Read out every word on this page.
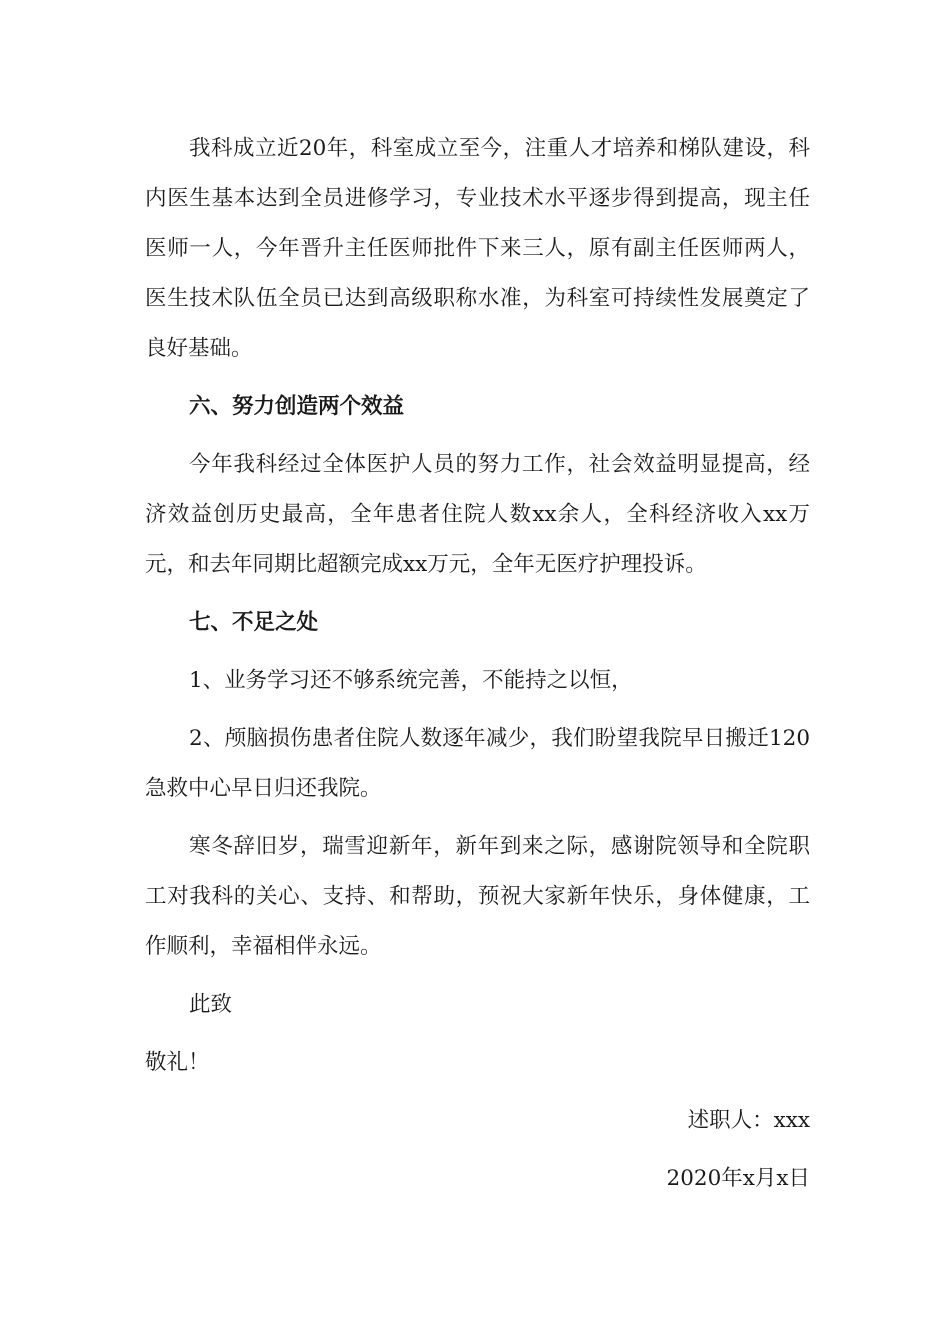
我科成立近20年，科室成立至今，注重人才培养和梯队建设，科内医生基本达到全员进修学习，专业技术水平逐步得到提高，现主任医师一人，今年晋升主任医师批件下来三人，原有副主任医师两人，医生技术队伍全员已达到高级职称水准，为科室可持续性发展奠定了良好基础。

六、努力创造两个效益

今年我科经过全体医护人员的努力工作，社会效益明显提高，经济效益创历史最高，全年患者住院人数xx余人，全科经济收入xx万元，和去年同期比超额完成xx万元，全年无医疗护理投诉。

七、不足之处

1、业务学习还不够系统完善，不能持之以恒，

2、颅脑损伤患者住院人数逐年减少，我们盼望我院早日搬迁120急救中心早日归还我院。

寒冬辞旧岁，瑞雪迎新年，新年到来之际，感谢院领导和全院职工对我科的关心、支持、和帮助，预祝大家新年快乐，身体健康，工作顺利，幸福相伴永远。

此致

敬礼！

述职人：xxx

2020年x月x日
